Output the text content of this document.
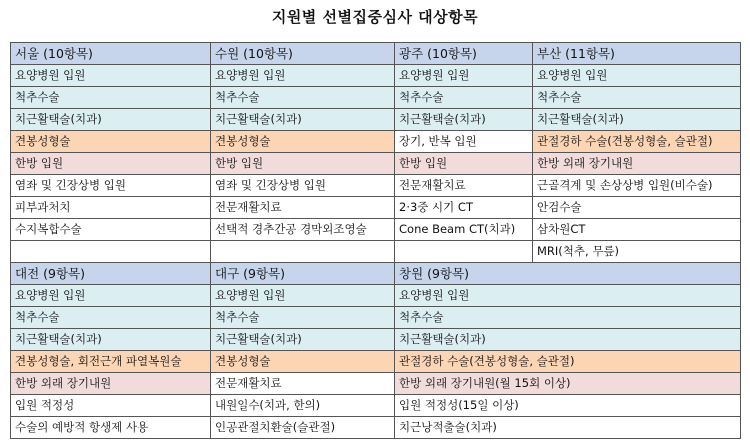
지원별 선별집중심사 대상항목
서울 (10항목)	수원 (10항목)	광주 (10항목)	부산 (11항목)
요양병원 입원	요양병원 입원	요양병원 입원	요양병원 입원
척추수술	척추수술	척추수술	척추수술
치근활택술(치과)	치근활택술(치과)	치근활택술(치과)	치근활택술(치과)
견봉성형술	견봉성형술	장기, 반복 입원	관절경하 수술(견봉성형술, 슬관절)
한방 입원	한방 입원	한방 입원	한방 외래 장기내원
염좌 및 긴장상병 입원	염좌 및 긴장상병 입원	전문재활치료	근골격계 및 손상상병 입원(비수술)
피부과처치	전문재활치료	2·3중 시기 CT	안검수술
수지복합수술	선택적 경추간공 경막외조영술	Cone Beam CT(치과)	삼차원CT
			MRI(척추, 무릎)
대전 (9항목)	대구 (9항목)	창원 (9항목)	
요양병원 입원	요양병원 입원	요양병원 입원	
척추수술	척추수술	척추수술	
치근활택술(치과)	치근활택술(치과)	치근활택술(치과)	
견봉성형술, 회전근개 파열복원술	견봉성형술	관절경하 수술(견봉성형술, 슬관절)	
한방 외래 장기내원	전문재활치료	한방 외래 장기내원(월 15회 이상)	
입원 적정성	내원일수(치과, 한의)	입원 적정성(15일 이상)	
수술의 예방적 항생제 사용	인공관절치환술(슬관절)	치근낭적출술(치과)	
